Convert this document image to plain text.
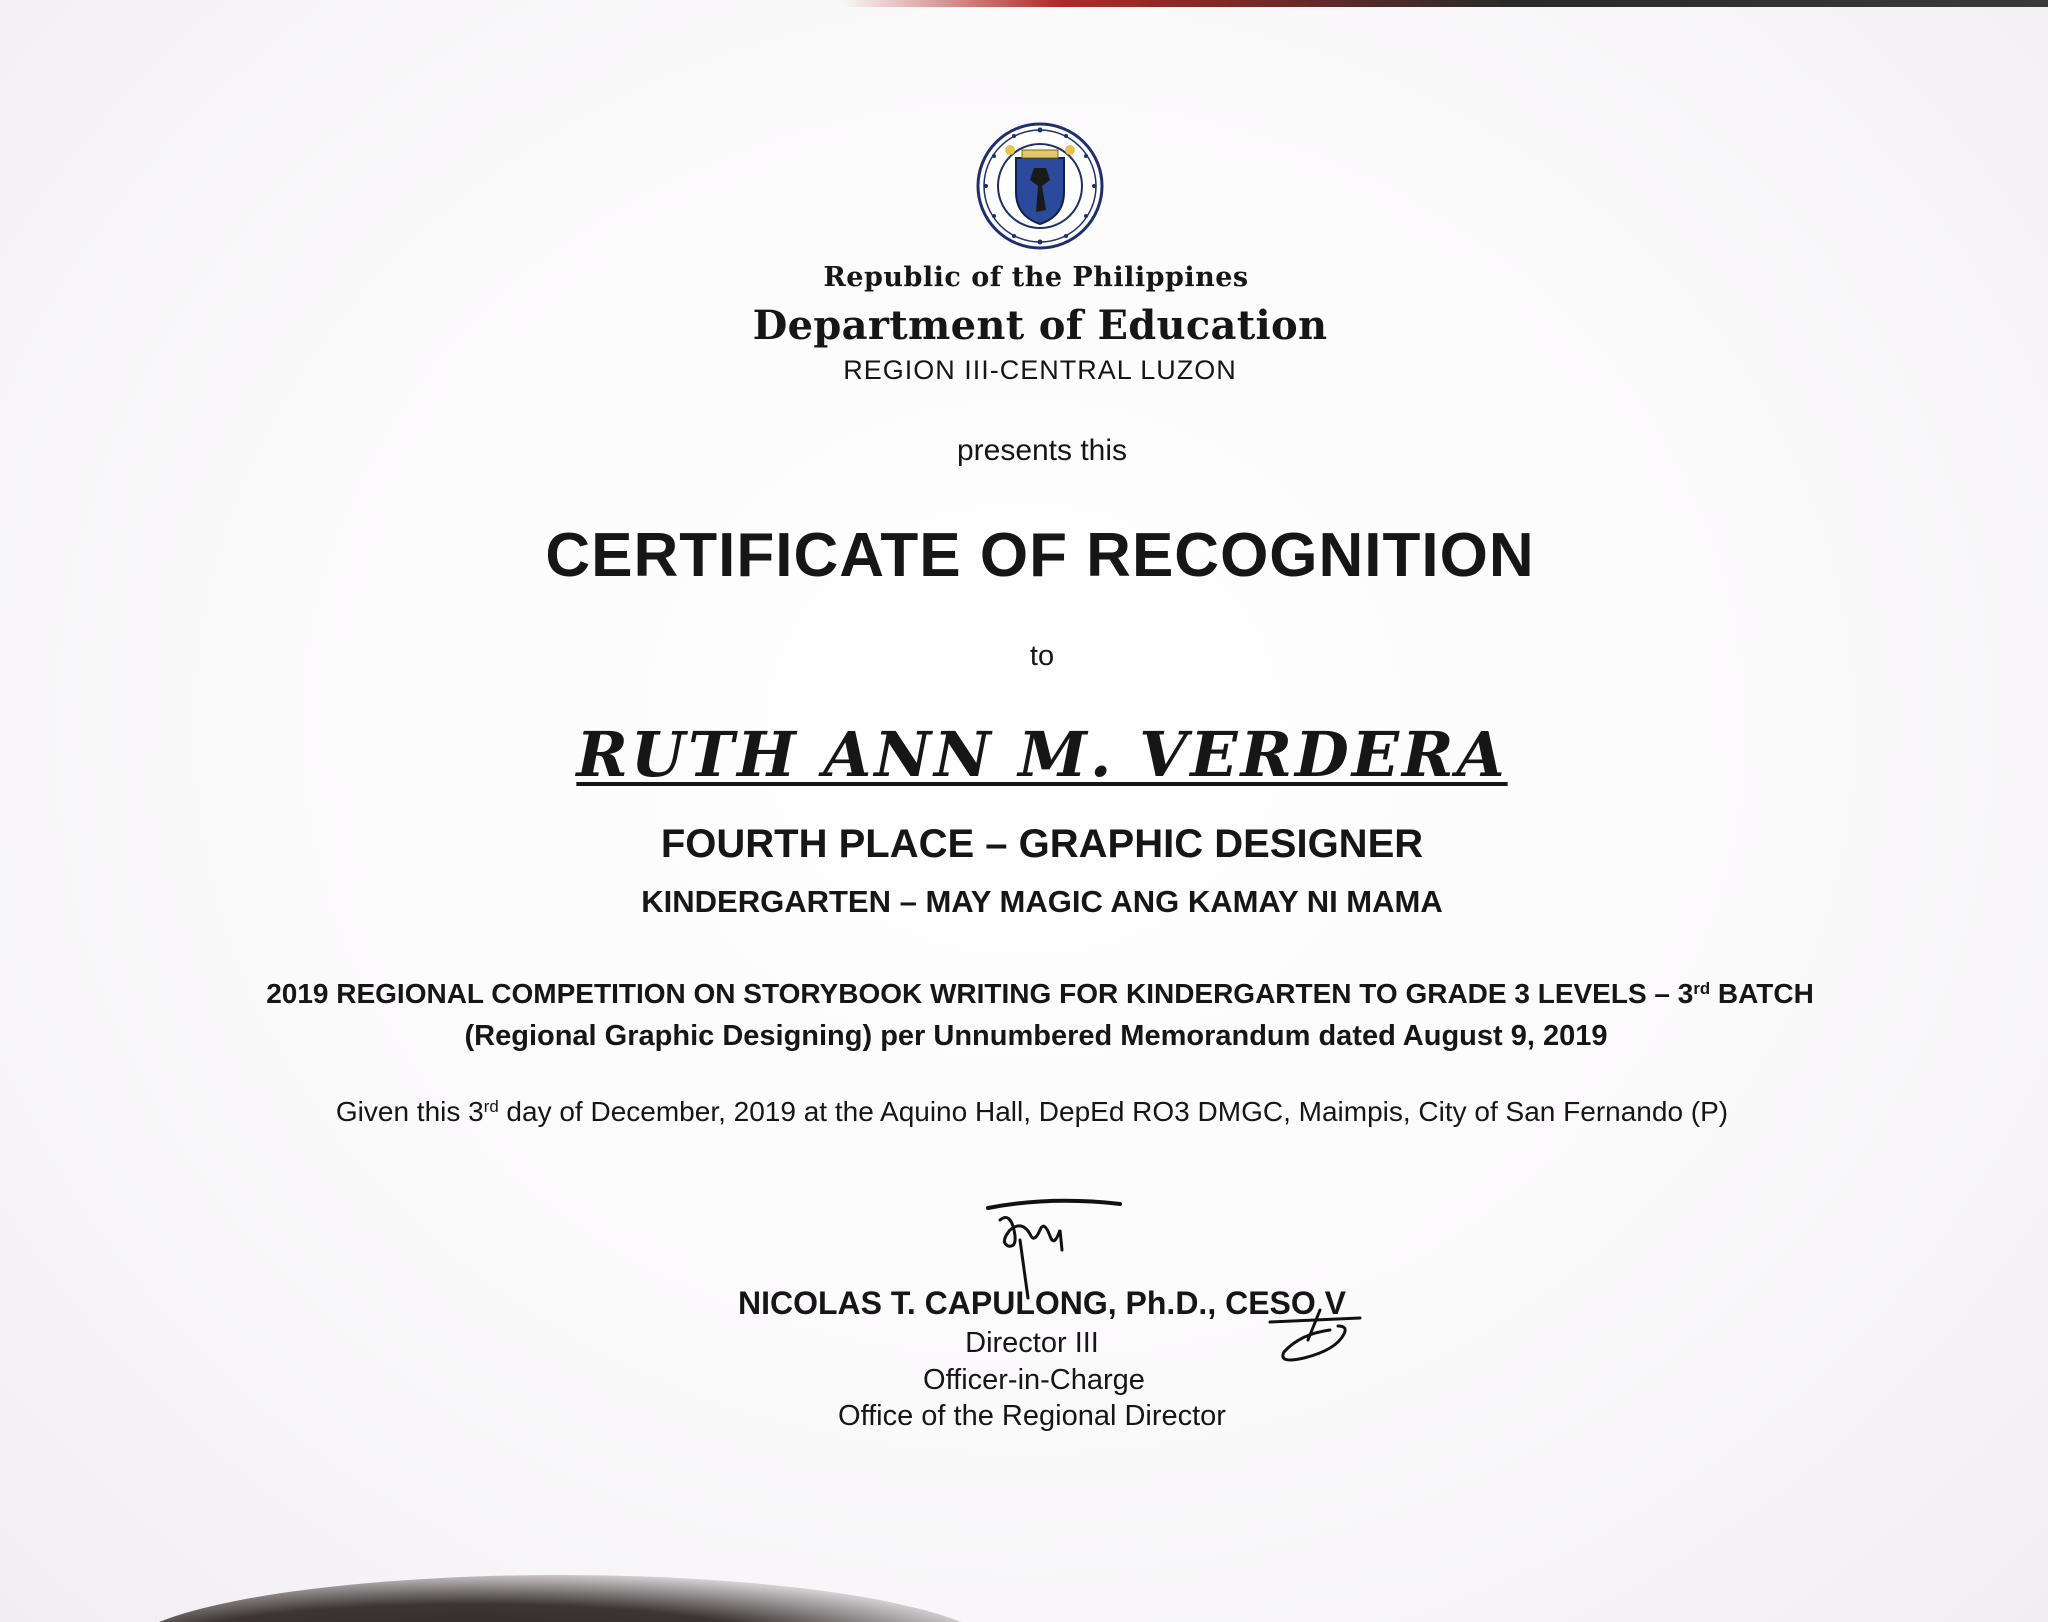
Republic of the Philippines
Department of Education
REGION III-CENTRAL LUZON
presents this
CERTIFICATE OF RECOGNITION
to
RUTH ANN M. VERDERA
FOURTH PLACE – GRAPHIC DESIGNER
KINDERGARTEN – MAY MAGIC ANG KAMAY NI MAMA
2019 REGIONAL COMPETITION ON STORYBOOK WRITING FOR KINDERGARTEN TO GRADE 3 LEVELS – 3rd BATCH
(Regional Graphic Designing) per Unnumbered Memorandum dated August 9, 2019
Given this 3rd day of December, 2019 at the Aquino Hall, DepEd RO3 DMGC, Maimpis, City of San Fernando (P)
NICOLAS T. CAPULONG, Ph.D., CESO V
Director III
Officer-in-Charge
Office of the Regional Director
